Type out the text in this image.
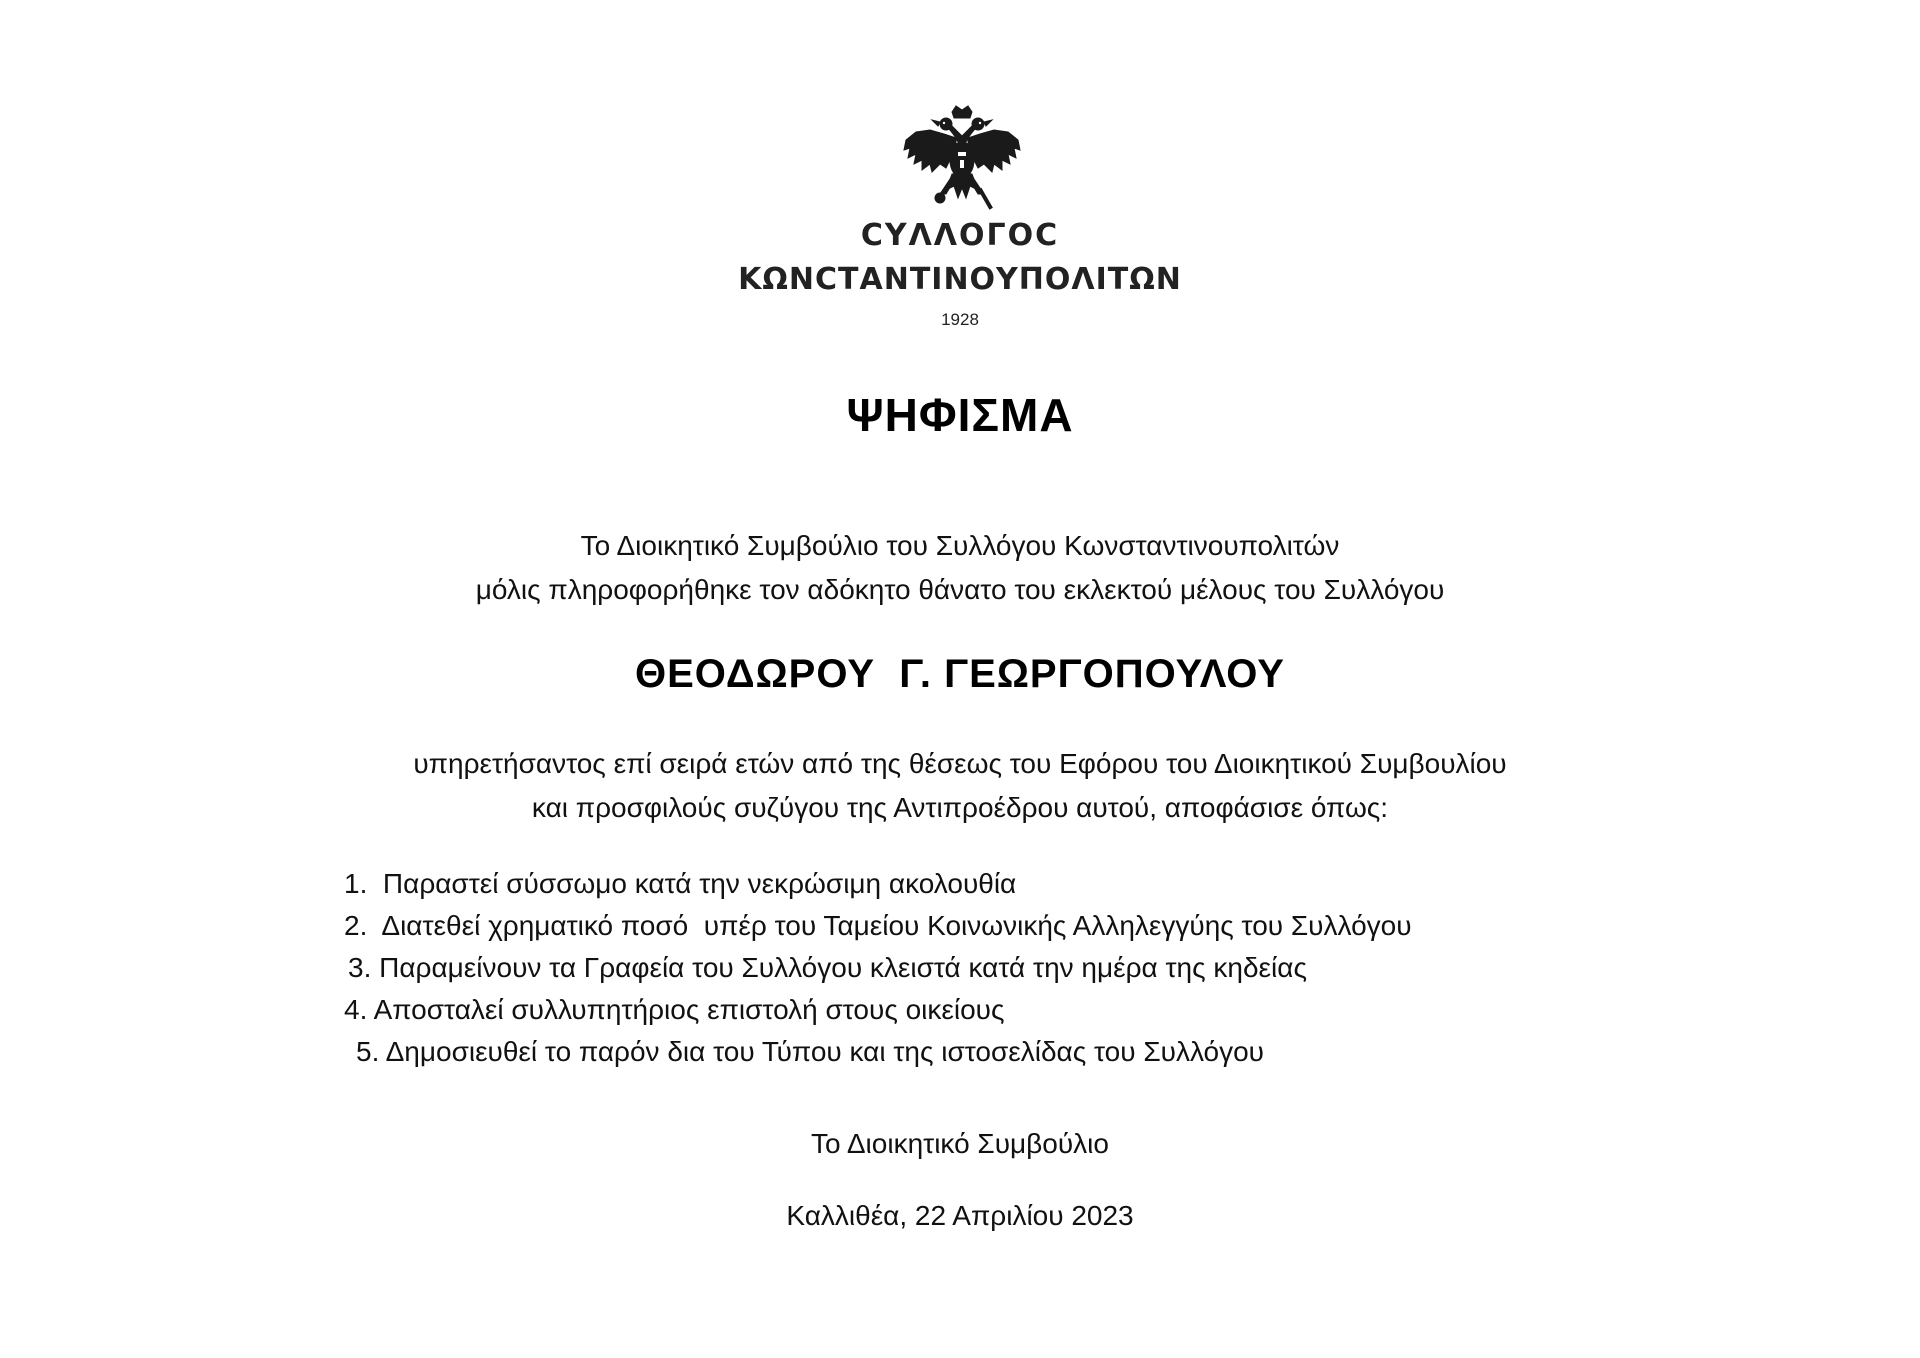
CYΛΛΟΓΟC
ΚΩΝCΤΑΝΤΙΝΟΥΠΟΛΙΤΩΝ
1928
ΨΗΦΙΣΜΑ
Το Διοικητικό Συμβούλιο του Συλλόγου Κωνσταντινουπολιτών
μόλις πληροφορήθηκε τον αδόκητο θάνατο του εκλεκτού μέλους του Συλλόγου
ΘΕΟΔΩΡΟΥ  Γ. ΓΕΩΡΓΟΠΟΥΛΟΥ
υπηρετήσαντος επί σειρά ετών από της θέσεως του Εφόρου του Διοικητικού Συμβουλίου
και προσφιλούς συζύγου της Αντιπροέδρου αυτού, αποφάσισε όπως:
1.  Παραστεί σύσσωμο κατά την νεκρώσιμη ακολουθία
2.  Διατεθεί χρηματικό ποσό  υπέρ του Ταμείου Κοινωνικής Αλληλεγγύης του Συλλόγου
3. Παραμείνουν τα Γραφεία του Συλλόγου κλειστά κατά την ημέρα της κηδείας
4. Αποσταλεί συλλυπητήριος επιστολή στους οικείους
5. Δημοσιευθεί το παρόν δια του Τύπου και της ιστοσελίδας του Συλλόγου
Το Διοικητικό Συμβούλιο
Καλλιθέα, 22 Απριλίου 2023
